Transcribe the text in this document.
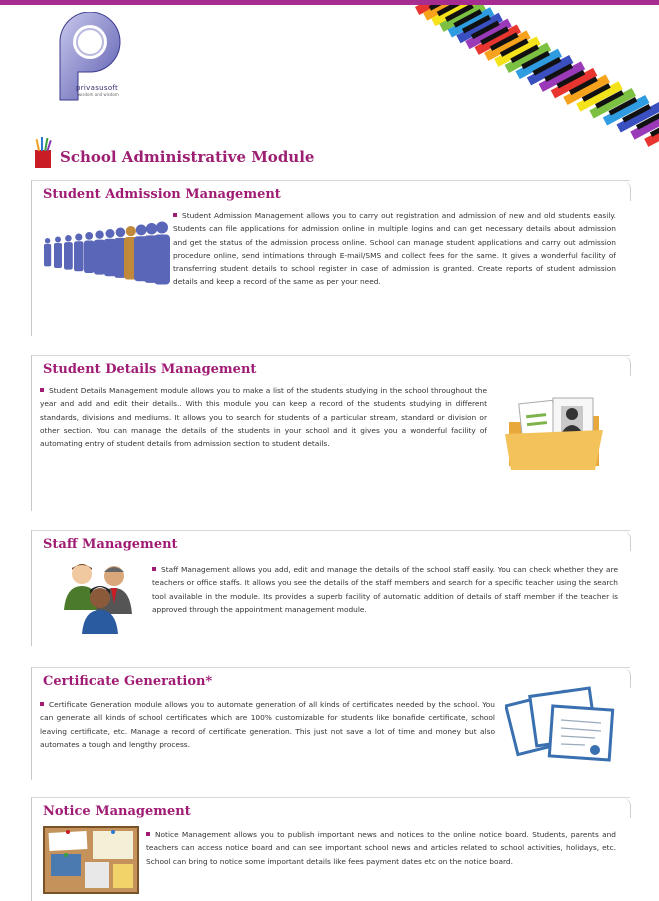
privasusoft
wisdom and wisdom
School Administrative Module
Student Admission Management
Student Admission Management allows you to carry out registration and admission of new and old students easily. Students can file applications for admission online in multiple logins and can get necessary details about admission and get the status of the admission process online. School can manage student applications and carry out admission procedure online, send intimations through E-mail/SMS and collect fees for the same. It gives a wonderful facility of transferring student details to school register in case of admission is granted. Create reports of student admission details and keep a record of the same as per your need.
Student Details Management
Student Details Management module allows you to make a list of the students studying in the school throughout the year and add and edit their details.. With this module you can keep a record of the students studying in different standards, divisions and mediums. It allows you to search for students of a particular stream, standard or division or other section. You can manage the details of the students in your school and it gives you a wonderful facility of automating entry of student details from admission section to student details.
Staff Management
Staff Management allows you add, edit and manage the details of the school staff easily. You can check whether they are teachers or office staffs. It allows you see the details of the staff members and search for a specific teacher using the search tool available in the module. Its provides a superb facility of automatic addition of details of staff member if the teacher is approved through the appointment management module.
Certificate Generation*
Certificate Generation module allows you to automate generation of all kinds of certificates needed by the school. You can generate all kinds of school certificates which are 100% customizable for students like bonafide certificate, school leaving certificate, etc. Manage a record of certificate generation. This just not save a lot of time and money but also automates a tough and lengthy process.
Notice Management
Notice Management allows you to publish important news and notices to the online notice board. Students, parents and teachers can access notice board and can see important school news and articles related to school activities, holidays, etc. School can bring to notice some important details like fees payment dates etc on the notice board.
